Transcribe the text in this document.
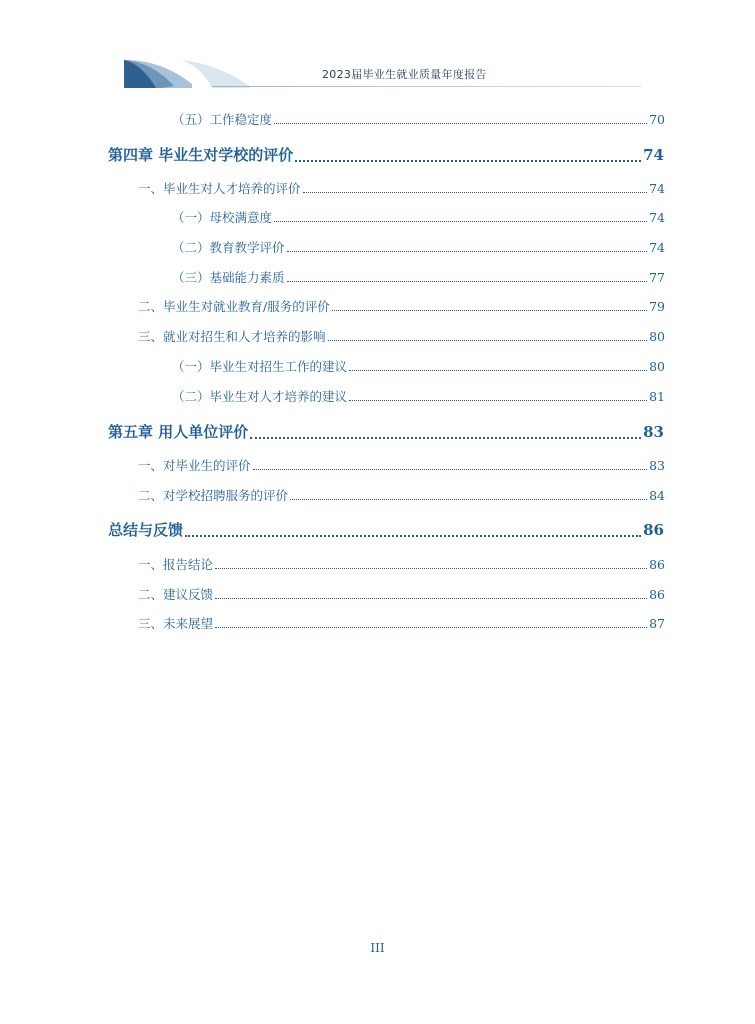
2023届毕业生就业质量年度报告
（五）工作稳定度	70
第四章 毕业生对学校的评价	74
一、毕业生对人才培养的评价	74
（一）母校满意度	74
（二）教育教学评价	74
（三）基础能力素质	77
二、毕业生对就业教育/服务的评价	79
三、就业对招生和人才培养的影响	80
（一）毕业生对招生工作的建议	80
（二）毕业生对人才培养的建议	81
第五章 用人单位评价	83
一、对毕业生的评价	83
二、对学校招聘服务的评价	84
总结与反馈	86
一、报告结论	86
二、建议反馈	86
三、未来展望	87
III
